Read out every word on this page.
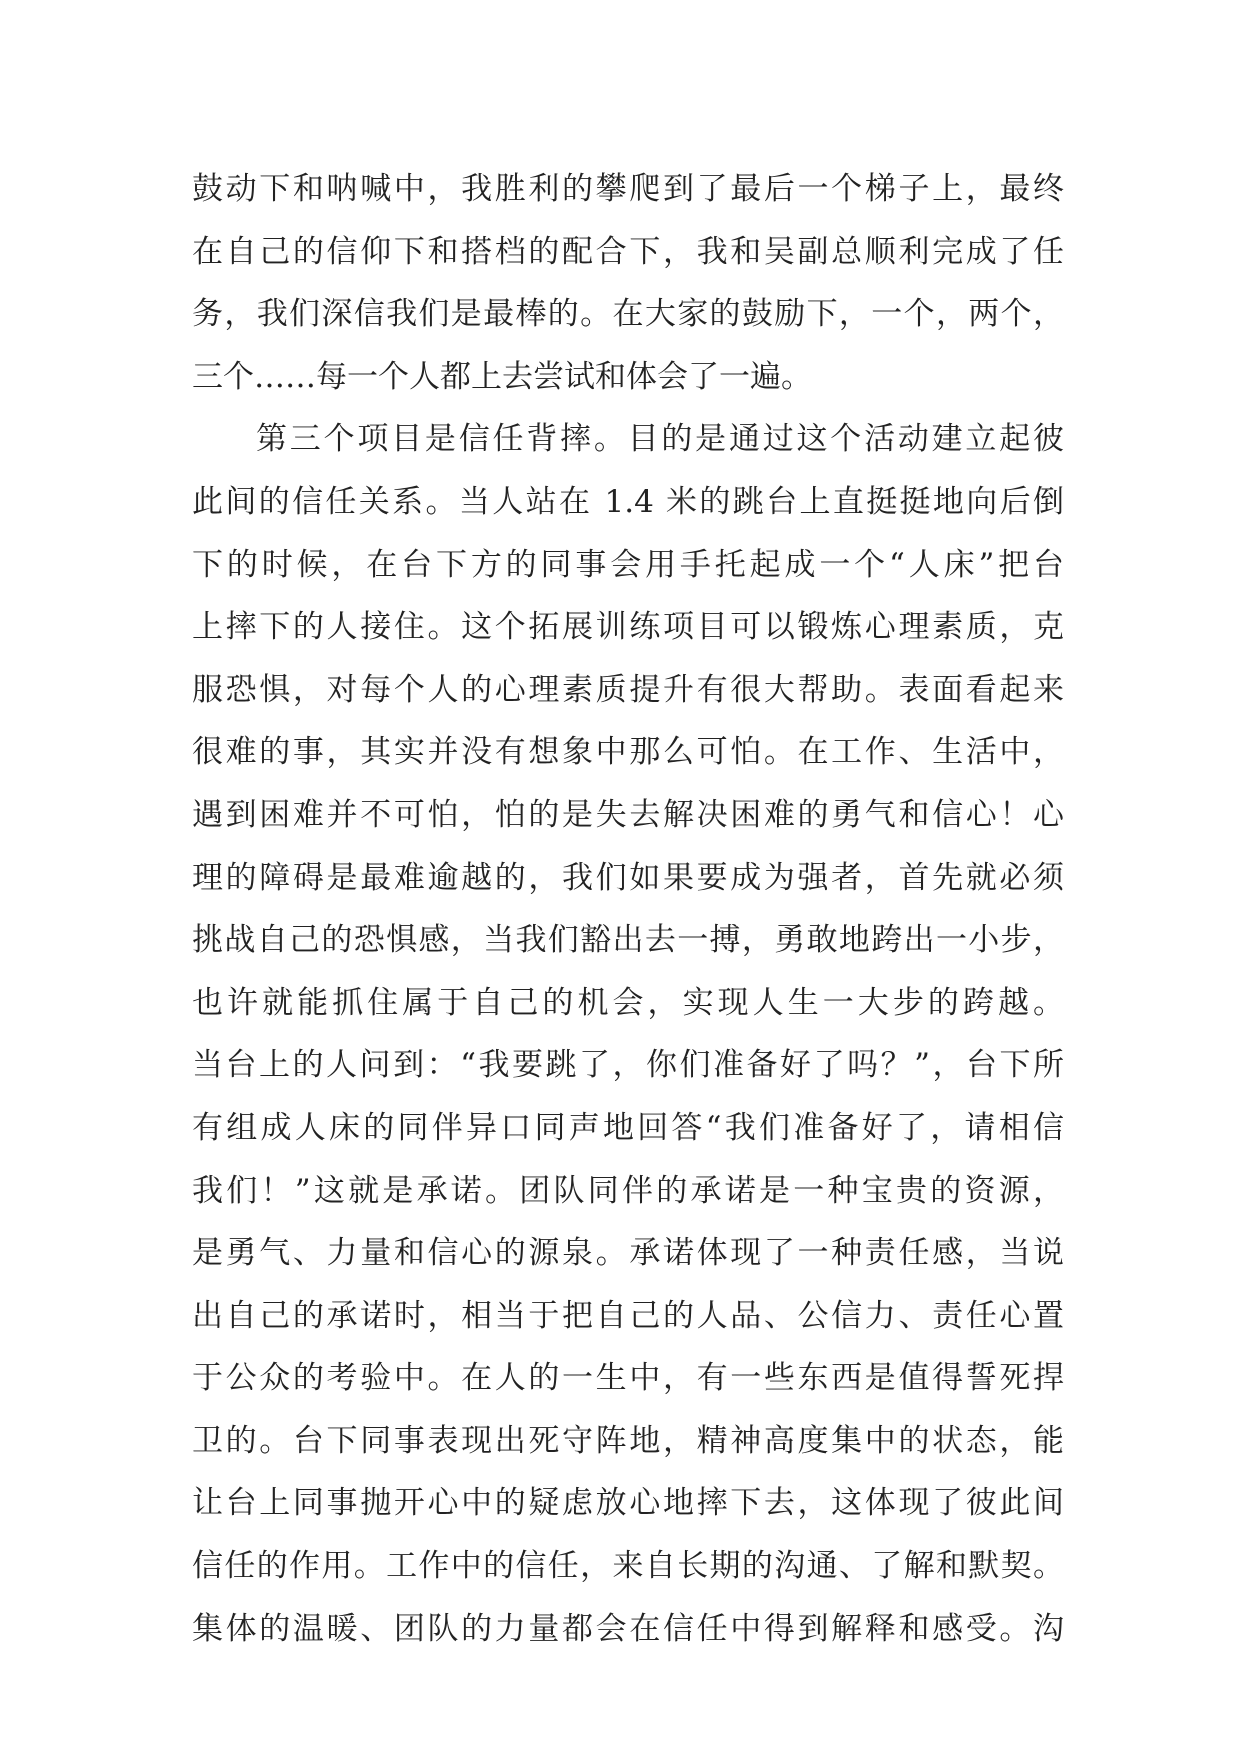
鼓动下和呐喊中，我胜利的攀爬到了最后一个梯子上，最终
在自己的信仰下和搭档的配合下，我和吴副总顺利完成了任
务，我们深信我们是最棒的。在大家的鼓励下，一个，两个，
三个……每一个人都上去尝试和体会了一遍。
第三个项目是信任背摔。目的是通过这个活动建立起彼
此间的信任关系。当人站在 1.4 米的跳台上直挺挺地向后倒
下的时候，在台下方的同事会用手托起成一个“人床”把台
上摔下的人接住。这个拓展训练项目可以锻炼心理素质，克
服恐惧，对每个人的心理素质提升有很大帮助。表面看起来
很难的事，其实并没有想象中那么可怕。在工作、生活中，
遇到困难并不可怕，怕的是失去解决困难的勇气和信心！心
理的障碍是最难逾越的，我们如果要成为强者，首先就必须
挑战自己的恐惧感，当我们豁出去一搏，勇敢地跨出一小步，
也许就能抓住属于自己的机会，实现人生一大步的跨越。
当台上的人问到：“我要跳了，你们准备好了吗？”，台下所
有组成人床的同伴异口同声地回答“我们准备好了，请相信
我们！”这就是承诺。团队同伴的承诺是一种宝贵的资源，
是勇气、力量和信心的源泉。承诺体现了一种责任感，当说
出自己的承诺时，相当于把自己的人品、公信力、责任心置
于公众的考验中。在人的一生中，有一些东西是值得誓死捍
卫的。台下同事表现出死守阵地，精神高度集中的状态，能
让台上同事抛开心中的疑虑放心地摔下去，这体现了彼此间
信任的作用。工作中的信任，来自长期的沟通、了解和默契。
集体的温暖、团队的力量都会在信任中得到解释和感受。沟
